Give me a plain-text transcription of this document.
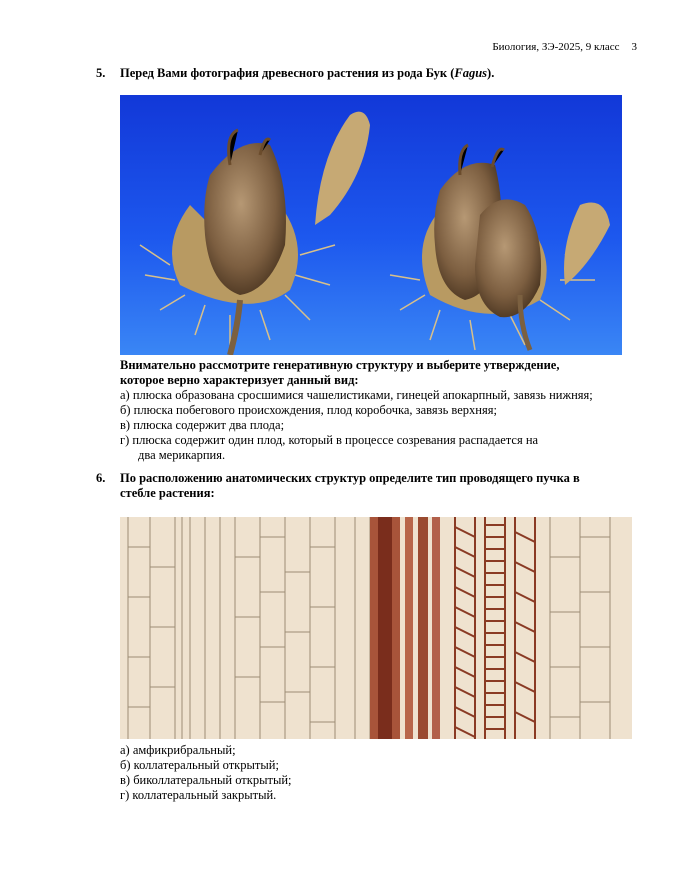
Биология, ЗЭ-2025, 9 класс 3
5. Перед Вами фотография древесного растения из рода Бук (Fagus).
Внимательно рассмотрите генеративную структуру и выберите утверждение,
которое верно характеризует данный вид:
а) плюска образована сросшимися чашелистиками, гинецей апокарпный, завязь нижняя;
б) плюска побегового происхождения, плод коробочка, завязь верхняя;
в) плюска содержит два плода;
г) плюска содержит один плод, который в процессе созревания распадается на
два мерикарпия.
6. По расположению анатомических структур определите тип проводящего пучка в
стебле растения:
а) амфикрибральный;
б) коллатеральный открытый;
в) биколлатеральный открытый;
г) коллатеральный закрытый.
